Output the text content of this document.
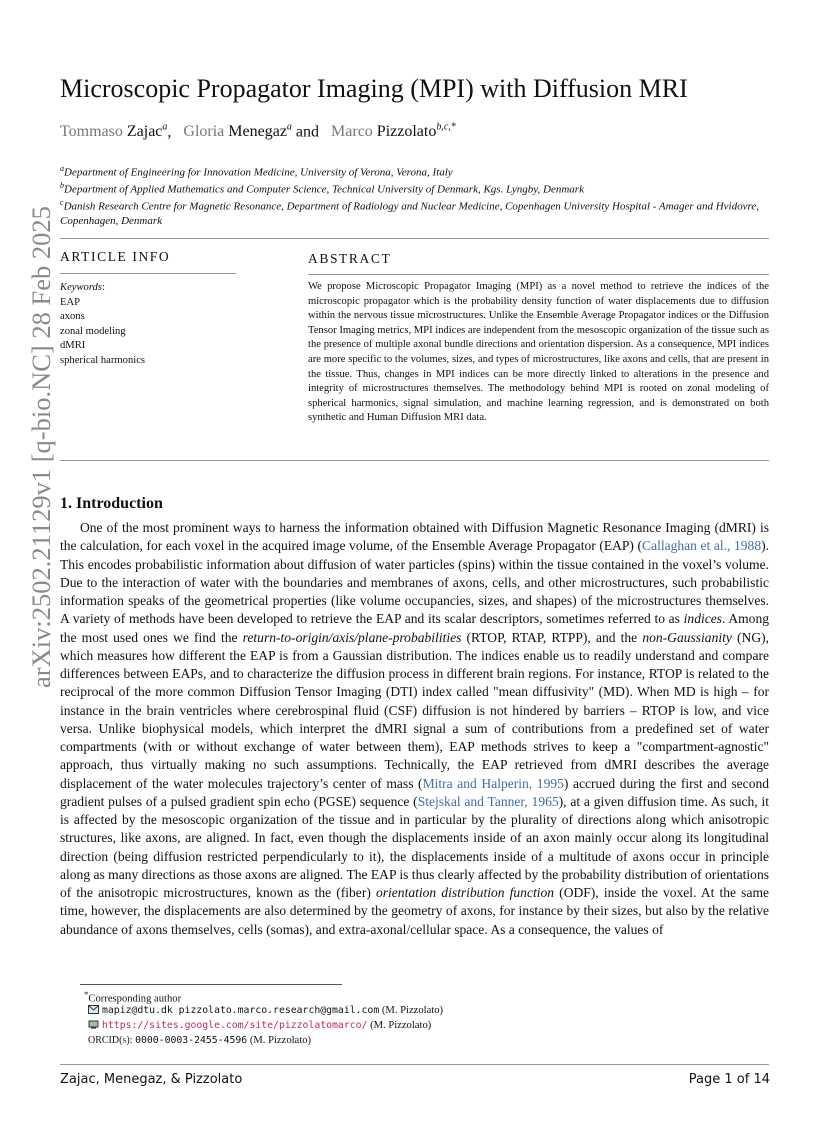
arXiv:2502.21129v1 [q-bio.NC] 28 Feb 2025
Microscopic Propagator Imaging (MPI) with Diffusion MRI
Tommaso Zajac$^a$,   Gloria Menegaz$^a$ and   Marco Pizzolato$^{b,c,*}$
$^a$Department of Engineering for Innovation Medicine, University of Verona, Verona, Italy
$^b$Department of Applied Mathematics and Computer Science, Technical University of Denmark, Kgs. Lyngby, Denmark
$^c$Danish Research Centre for Magnetic Resonance, Department of Radiology and Nuclear Medicine, Copenhagen University Hospital - Amager and Hvidovre, Copenhagen, Denmark
ARTICLE INFO
Keywords:
EAP
axons
zonal modeling
dMRI
spherical harmonics
ABSTRACT
We propose Microscopic Propagator Imaging (MPI) as a novel method to retrieve the indices of the microscopic propagator which is the probability density function of water displacements due to diffusion within the nervous tissue microstructures. Unlike the Ensemble Average Propagator indices or the Diffusion Tensor Imaging metrics, MPI indices are independent from the mesoscopic organization of the tissue such as the presence of multiple axonal bundle directions and orientation dispersion. As a consequence, MPI indices are more specific to the volumes, sizes, and types of microstructures, like axons and cells, that are present in the tissue. Thus, changes in MPI indices can be more directly linked to alterations in the presence and integrity of microstructures themselves. The methodology behind MPI is rooted on zonal modeling of spherical harmonics, signal simulation, and machine learning regression, and is demonstrated on both synthetic and Human Diffusion MRI data.
1. Introduction
One of the most prominent ways to harness the information obtained with Diffusion Magnetic Resonance Imaging (dMRI) is the calculation, for each voxel in the acquired image volume, of the Ensemble Average Propagator (EAP) (Callaghan et al., 1988). This encodes probabilistic information about diffusion of water particles (spins) within the tissue contained in the voxel’s volume. Due to the interaction of water with the boundaries and membranes of axons, cells, and other microstructures, such probabilistic information speaks of the geometrical properties (like volume occupancies, sizes, and shapes) of the microstructures themselves. A variety of methods have been developed to retrieve the EAP and its scalar descriptors, sometimes referred to as indices. Among the most used ones we find the return-to-origin/axis/plane-probabilities (RTOP, RTAP, RTPP), and the non-Gaussianity (NG), which measures how different the EAP is from a Gaussian distribution. The indices enable us to readily understand and compare differences between EAPs, and to characterize the diffusion process in different brain regions. For instance, RTOP is related to the reciprocal of the more common Diffusion Tensor Imaging (DTI) index called "mean diffusivity" (MD). When MD is high – for instance in the brain ventricles where cerebrospinal fluid (CSF) diffusion is not hindered by barriers – RTOP is low, and vice versa. Unlike biophysical models, which interpret the dMRI signal a sum of contributions from a predefined set of water compartments (with or without exchange of water between them), EAP methods strives to keep a "compartment-agnostic" approach, thus virtually making no such assumptions. Technically, the EAP retrieved from dMRI describes the average displacement of the water molecules trajectory’s center of mass (Mitra and Halperin, 1995) accrued during the first and second gradient pulses of a pulsed gradient spin echo (PGSE) sequence (Stejskal and Tanner, 1965), at a given diffusion time. As such, it is affected by the mesoscopic organization of the tissue and in particular by the plurality of directions along which anisotropic structures, like axons, are aligned. In fact, even though the displacements inside of an axon mainly occur along its longitudinal direction (being diffusion restricted perpendicularly to it), the displacements inside of a multitude of axons occur in principle along as many directions as those axons are aligned. The EAP is thus clearly affected by the probability distribution of orientations of the anisotropic microstructures, known as the (fiber) orientation distribution function (ODF), inside the voxel. At the same time, however, the displacements are also determined by the geometry of axons, for instance by their sizes, but also by the relative abundance of axons themselves, cells (somas), and extra-axonal/cellular space. As a consequence, the values of
*Corresponding author
mapiz@dtu.dk pizzolato.marco.research@gmail.com (M. Pizzolato)
https://sites.google.com/site/pizzolatomarco/ (M. Pizzolato)
ORCID(s): 0000-0003-2455-4596 (M. Pizzolato)
Zajac, Menegaz, & Pizzolato	Page 1 of 14
